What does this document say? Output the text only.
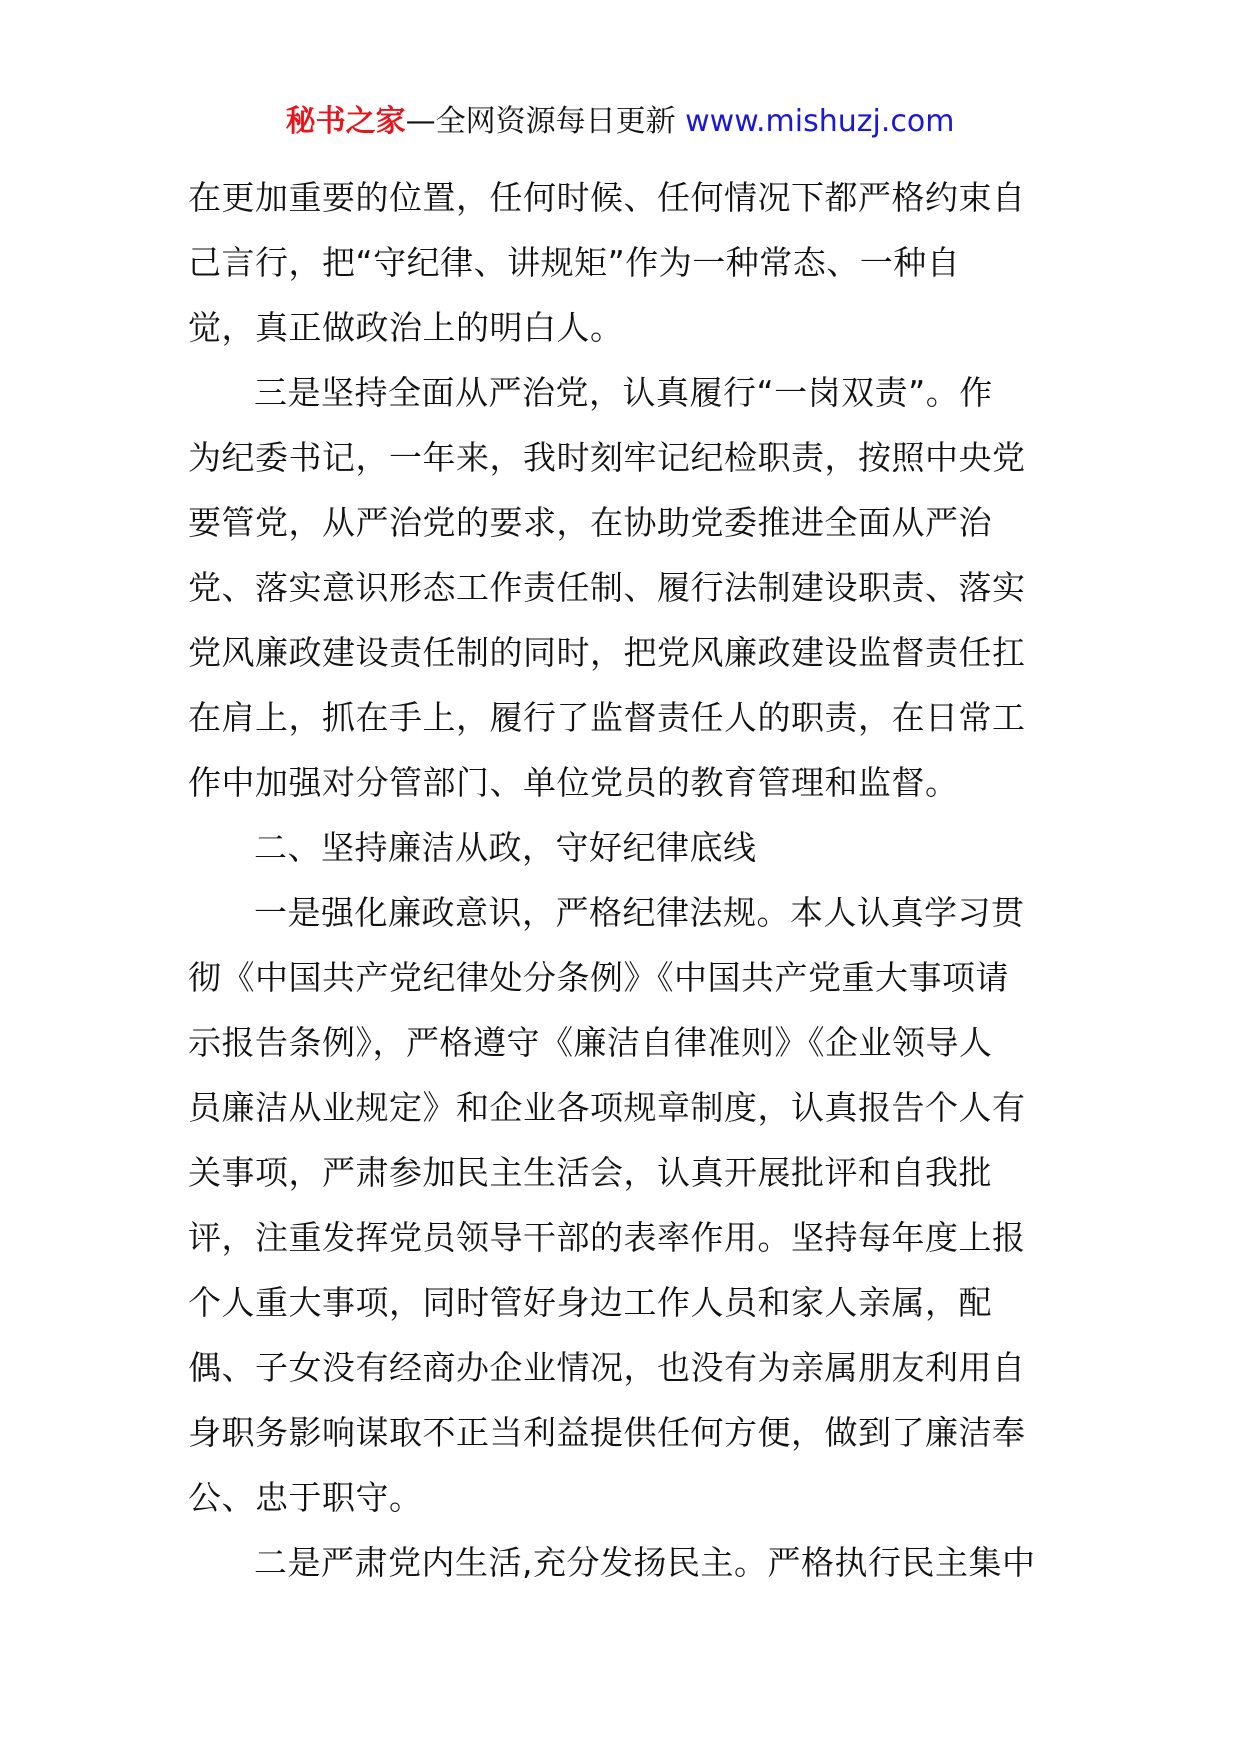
秘书之家—全网资源每日更新 www.mishuzj.com

在更加重要的位置，任何时候、任何情况下都严格约束自
己言行，把“守纪律、讲规矩”作为一种常态、一种自
觉，真正做政治上的明白人。

三是坚持全面从严治党，认真履行“一岗双责”。作
为纪委书记，一年来，我时刻牢记纪检职责，按照中央党
要管党，从严治党的要求，在协助党委推进全面从严治
党、落实意识形态工作责任制、履行法制建设职责、落实
党风廉政建设责任制的同时，把党风廉政建设监督责任扛
在肩上，抓在手上，履行了监督责任人的职责，在日常工
作中加强对分管部门、单位党员的教育管理和监督。

二、坚持廉洁从政，守好纪律底线

一是强化廉政意识，严格纪律法规。本人认真学习贯
彻《中国共产党纪律处分条例》《中国共产党重大事项请
示报告条例》，严格遵守《廉洁自律准则》《企业领导人
员廉洁从业规定》和企业各项规章制度，认真报告个人有
关事项，严肃参加民主生活会，认真开展批评和自我批
评，注重发挥党员领导干部的表率作用。坚持每年度上报
个人重大事项，同时管好身边工作人员和家人亲属，配
偶、子女没有经商办企业情况，也没有为亲属朋友利用自
身职务影响谋取不正当利益提供任何方便，做到了廉洁奉
公、忠于职守。

二是严肃党内生活,充分发扬民主。严格执行民主集中
